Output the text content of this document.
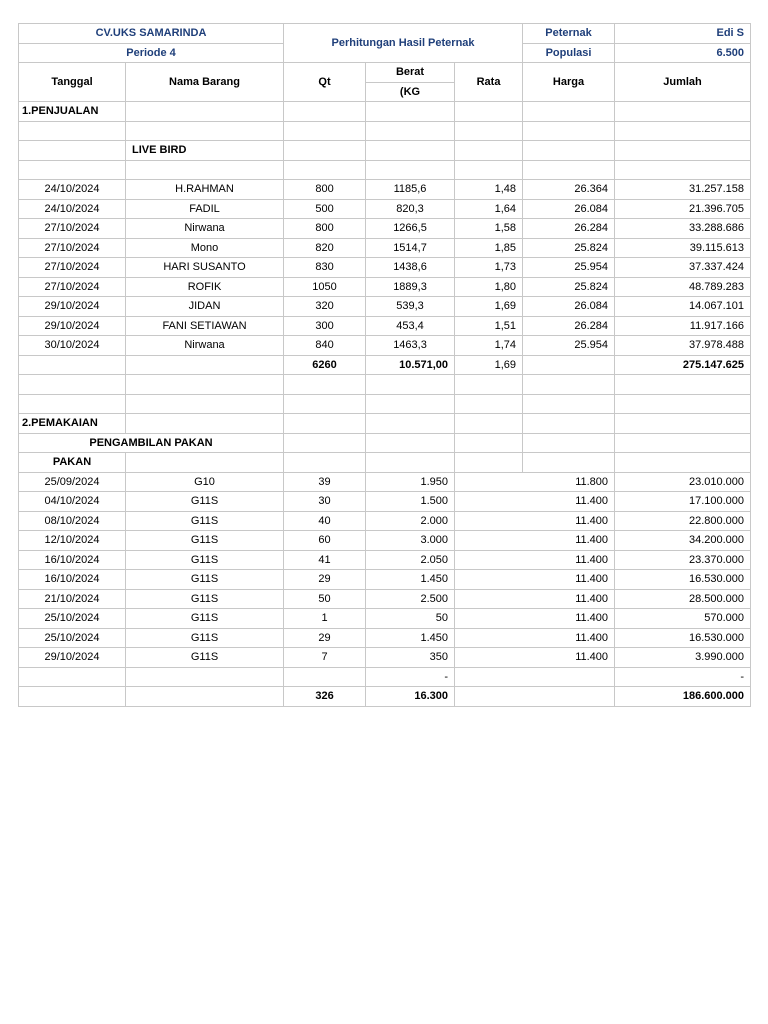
CV.UKS SAMARINDA		Perhitungan Hasil Peternak			Peternak	Edi S
Periode 4					Populasi	6.500
Tanggal	Nama Barang	Qt	Berat	Rata	Harga	Jumlah
			(KG			
1.PENJUALAN						

	LIVE BIRD					

24/10/2024	H.RAHMAN	800	1185,6	1,48	26.364	31.257.158
24/10/2024	FADIL	500	820,3	1,64	26.084	21.396.705
27/10/2024	Nirwana	800	1266,5	1,58	26.284	33.288.686
27/10/2024	Mono	820	1514,7	1,85	25.824	39.115.613
27/10/2024	HARI SUSANTO	830	1438,6	1,73	25.954	37.337.424
27/10/2024	ROFIK	1050	1889,3	1,80	25.824	48.789.283
29/10/2024	JIDAN	320	539,3	1,69	26.084	14.067.101
29/10/2024	FANI SETIAWAN	300	453,4	1,51	26.284	11.917.166
30/10/2024	Nirwana	840	1463,3	1,74	25.954	37.978.488
		6260	10.571,00	1,69		275.147.625

2.PEMAKAIAN						
PENGAMBILAN PAKAN						
PAKAN						
25/09/2024	G10	39	1.950	11.800		23.010.000
04/10/2024	G11S	30	1.500	11.400		17.100.000
08/10/2024	G11S	40	2.000	11.400		22.800.000
12/10/2024	G11S	60	3.000	11.400		34.200.000
16/10/2024	G11S	41	2.050	11.400		23.370.000
16/10/2024	G11S	29	1.450	11.400		16.530.000
21/10/2024	G11S	50	2.500	11.400		28.500.000
25/10/2024	G11S	1	50	11.400		570.000
25/10/2024	G11S	29	1.450	11.400		16.530.000
29/10/2024	G11S	7	350	11.400		3.990.000
			-			-
		326	16.300			186.600.000
